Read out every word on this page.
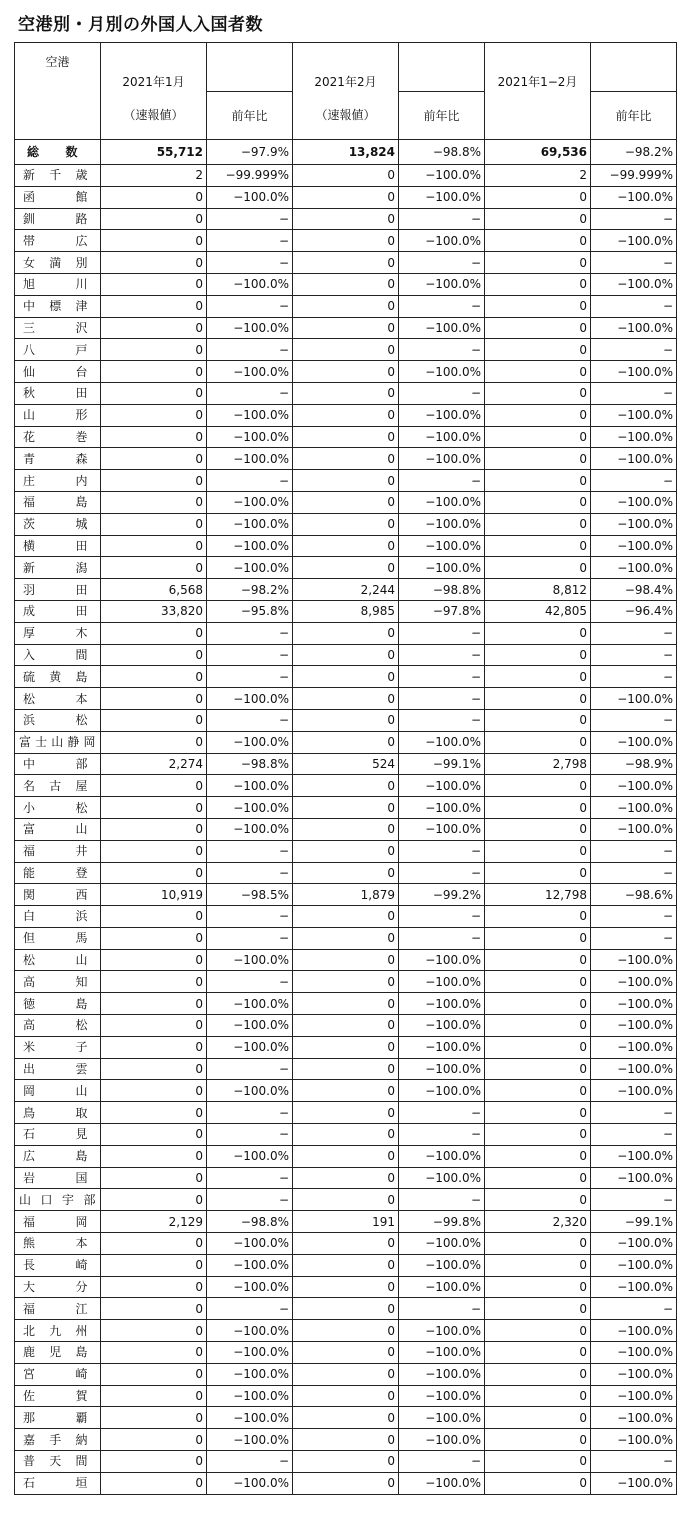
空港別・月別の外国人入国者数
空港	2021年1月		2021年2月		2021年1−2月	
	（速報値）	前年比	（速報値）	前年比		前年比
総数	55,712	−97.9%	13,824	−98.8%	69,536	−98.2%
新千歳	2	−99.999%	0	−100.0%	2	−99.999%
函館	0	−100.0%	0	−100.0%	0	−100.0%
釧路	0	−	0	−	0	−
帯広	0	−	0	−100.0%	0	−100.0%
女満別	0	−	0	−	0	−
旭川	0	−100.0%	0	−100.0%	0	−100.0%
中標津	0	−	0	−	0	−
三沢	0	−100.0%	0	−100.0%	0	−100.0%
八戸	0	−	0	−	0	−
仙台	0	−100.0%	0	−100.0%	0	−100.0%
秋田	0	−	0	−	0	−
山形	0	−100.0%	0	−100.0%	0	−100.0%
花巻	0	−100.0%	0	−100.0%	0	−100.0%
青森	0	−100.0%	0	−100.0%	0	−100.0%
庄内	0	−	0	−	0	−
福島	0	−100.0%	0	−100.0%	0	−100.0%
茨城	0	−100.0%	0	−100.0%	0	−100.0%
横田	0	−100.0%	0	−100.0%	0	−100.0%
新潟	0	−100.0%	0	−100.0%	0	−100.0%
羽田	6,568	−98.2%	2,244	−98.8%	8,812	−98.4%
成田	33,820	−95.8%	8,985	−97.8%	42,805	−96.4%
厚木	0	−	0	−	0	−
入間	0	−	0	−	0	−
硫黄島	0	−	0	−	0	−
松本	0	−100.0%	0	−	0	−100.0%
浜松	0	−	0	−	0	−
富士山静岡	0	−100.0%	0	−100.0%	0	−100.0%
中部	2,274	−98.8%	524	−99.1%	2,798	−98.9%
名古屋	0	−100.0%	0	−100.0%	0	−100.0%
小松	0	−100.0%	0	−100.0%	0	−100.0%
富山	0	−100.0%	0	−100.0%	0	−100.0%
福井	0	−	0	−	0	−
能登	0	−	0	−	0	−
関西	10,919	−98.5%	1,879	−99.2%	12,798	−98.6%
白浜	0	−	0	−	0	−
但馬	0	−	0	−	0	−
松山	0	−100.0%	0	−100.0%	0	−100.0%
高知	0	−	0	−100.0%	0	−100.0%
徳島	0	−100.0%	0	−100.0%	0	−100.0%
高松	0	−100.0%	0	−100.0%	0	−100.0%
米子	0	−100.0%	0	−100.0%	0	−100.0%
出雲	0	−	0	−100.0%	0	−100.0%
岡山	0	−100.0%	0	−100.0%	0	−100.0%
鳥取	0	−	0	−	0	−
石見	0	−	0	−	0	−
広島	0	−100.0%	0	−100.0%	0	−100.0%
岩国	0	−	0	−100.0%	0	−100.0%
山口宇部	0	−	0	−	0	−
福岡	2,129	−98.8%	191	−99.8%	2,320	−99.1%
熊本	0	−100.0%	0	−100.0%	0	−100.0%
長崎	0	−100.0%	0	−100.0%	0	−100.0%
大分	0	−100.0%	0	−100.0%	0	−100.0%
福江	0	−	0	−	0	−
北九州	0	−100.0%	0	−100.0%	0	−100.0%
鹿児島	0	−100.0%	0	−100.0%	0	−100.0%
宮崎	0	−100.0%	0	−100.0%	0	−100.0%
佐賀	0	−100.0%	0	−100.0%	0	−100.0%
那覇	0	−100.0%	0	−100.0%	0	−100.0%
嘉手納	0	−100.0%	0	−100.0%	0	−100.0%
普天間	0	−	0	−	0	−
石垣	0	−100.0%	0	−100.0%	0	−100.0%
